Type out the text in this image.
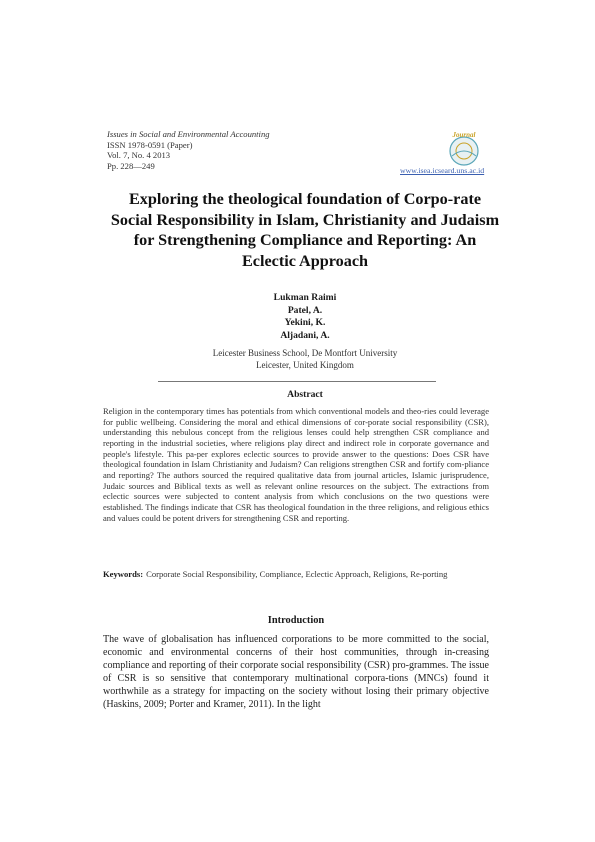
Issues in Social and Environmental Accounting
ISSN 1978-0591 (Paper)
Vol. 7, No. 4 2013
Pp. 228—249
Journal
www.isea.icseard.uns.ac.id
Exploring the theological foundation of Corpo-rate Social Responsibility in Islam, Christianity and Judaism for Strengthening Compliance and Reporting: An Eclectic Approach
Lukman Raimi
Patel, A.
Yekini, K.
Aljadani, A.
Leicester Business School, De Montfort University
Leicester, United Kingdom
Abstract

Religion in the contemporary times has potentials from which conventional models and theo-ries could leverage for public wellbeing. Considering the moral and ethical dimensions of cor-porate social responsibility (CSR), understanding this nebulous concept from the religious lenses could help strengthen CSR compliance and reporting in the industrial societies, where religions play direct and indirect role in corporate governance and people's lifestyle. This pa-per explores eclectic sources to provide answer to the questions: Does CSR have theological foundation in Islam Christianity and Judaism? Can religions strengthen CSR and fortify com-pliance and reporting? The authors sourced the required qualitative data from journal articles, Islamic jurisprudence, Judaic sources and Biblical texts as well as relevant online resources on the subject. The extractions from eclectic sources were subjected to content analysis from which conclusions on the two questions were established. The findings indicate that CSR has theological foundation in the three religions, and religious ethics and values could be potent drivers for strengthening CSR and reporting.

Keywords: Corporate Social Responsibility, Compliance, Eclectic Approach, Religions, Re-porting
Introduction

The wave of globalisation has influenced corporations to be more committed to the social, economic and environmental concerns of their host communities, through in-creasing compliance and reporting of their corporate social responsibility (CSR) pro-grammes. The issue of CSR is so sensitive that contemporary multinational corpora-tions (MNCs) found it worthwhile as a strategy for impacting on the society without losing their primary objective (Haskins, 2009; Porter and Kramer, 2011). In the light
